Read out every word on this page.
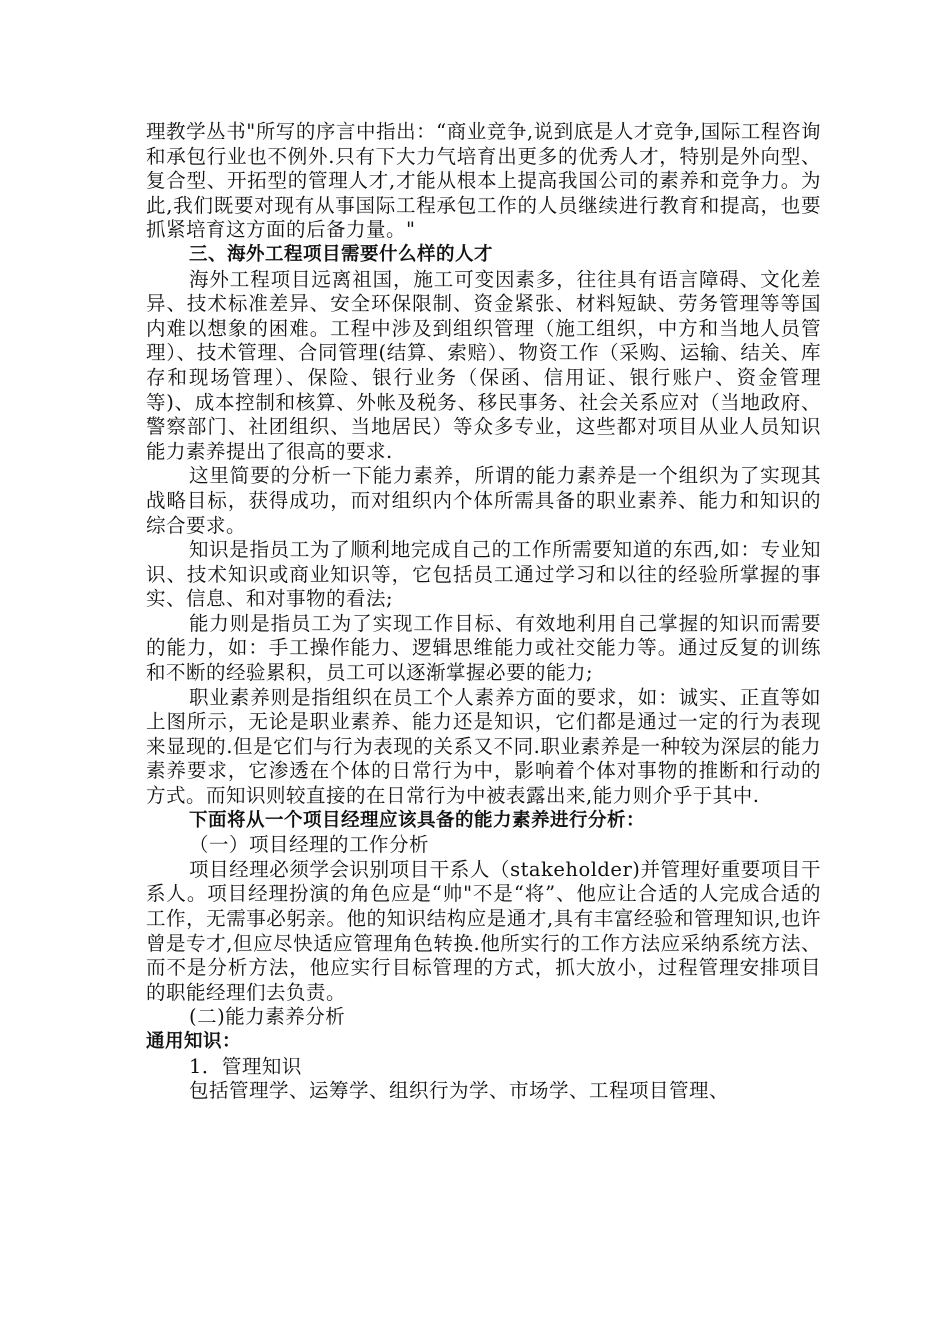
理教学丛书"所写的序言中指出：“商业竞争,说到底是人才竞争,国际工程咨询和承包行业也不例外.只有下大力气培育出更多的优秀人才，特别是外向型、复合型、开拓型的管理人才,才能从根本上提高我国公司的素养和竞争力。为此,我们既要对现有从事国际工程承包工作的人员继续进行教育和提高，也要抓紧培育这方面的后备力量。"

三、海外工程项目需要什么样的人才

海外工程项目远离祖国，施工可变因素多，往往具有语言障碍、文化差异、技术标准差异、安全环保限制、资金紧张、材料短缺、劳务管理等等国内难以想象的困难。工程中涉及到组织管理（施工组织，中方和当地人员管理）、技术管理、合同管理(结算、索赔）、物资工作（采购、运输、结关、库存和现场管理）、保险、银行业务（保函、信用证、银行账户、资金管理等)、成本控制和核算、外帐及税务、移民事务、社会关系应对（当地政府、警察部门、社团组织、当地居民）等众多专业，这些都对项目从业人员知识能力素养提出了很高的要求.

这里简要的分析一下能力素养，所谓的能力素养是一个组织为了实现其战略目标，获得成功，而对组织内个体所需具备的职业素养、能力和知识的综合要求。

知识是指员工为了顺利地完成自己的工作所需要知道的东西,如：专业知识、技术知识或商业知识等，它包括员工通过学习和以往的经验所掌握的事实、信息、和对事物的看法;

能力则是指员工为了实现工作目标、有效地利用自己掌握的知识而需要的能力，如：手工操作能力、逻辑思维能力或社交能力等。通过反复的训练和不断的经验累积，员工可以逐渐掌握必要的能力;

职业素养则是指组织在员工个人素养方面的要求，如：诚实、正直等如上图所示，无论是职业素养、能力还是知识，它们都是通过一定的行为表现来显现的.但是它们与行为表现的关系又不同.职业素养是一种较为深层的能力素养要求，它渗透在个体的日常行为中，影响着个体对事物的推断和行动的方式。而知识则较直接的在日常行为中被表露出来,能力则介乎于其中.

下面将从一个项目经理应该具备的能力素养进行分析：

（一）项目经理的工作分析

项目经理必须学会识别项目干系人（stakeholder)并管理好重要项目干系人。项目经理扮演的角色应是“帅"不是“将”、他应让合适的人完成合适的工作，无需事必躬亲。他的知识结构应是通才,具有丰富经验和管理知识,也许曾是专才,但应尽快适应管理角色转换.他所实行的工作方法应采纳系统方法、而不是分析方法，他应实行目标管理的方式，抓大放小，过程管理安排项目的职能经理们去负责。

(二)能力素养分析

通用知识：

1．管理知识

包括管理学、运筹学、组织行为学、市场学、工程项目管理、
